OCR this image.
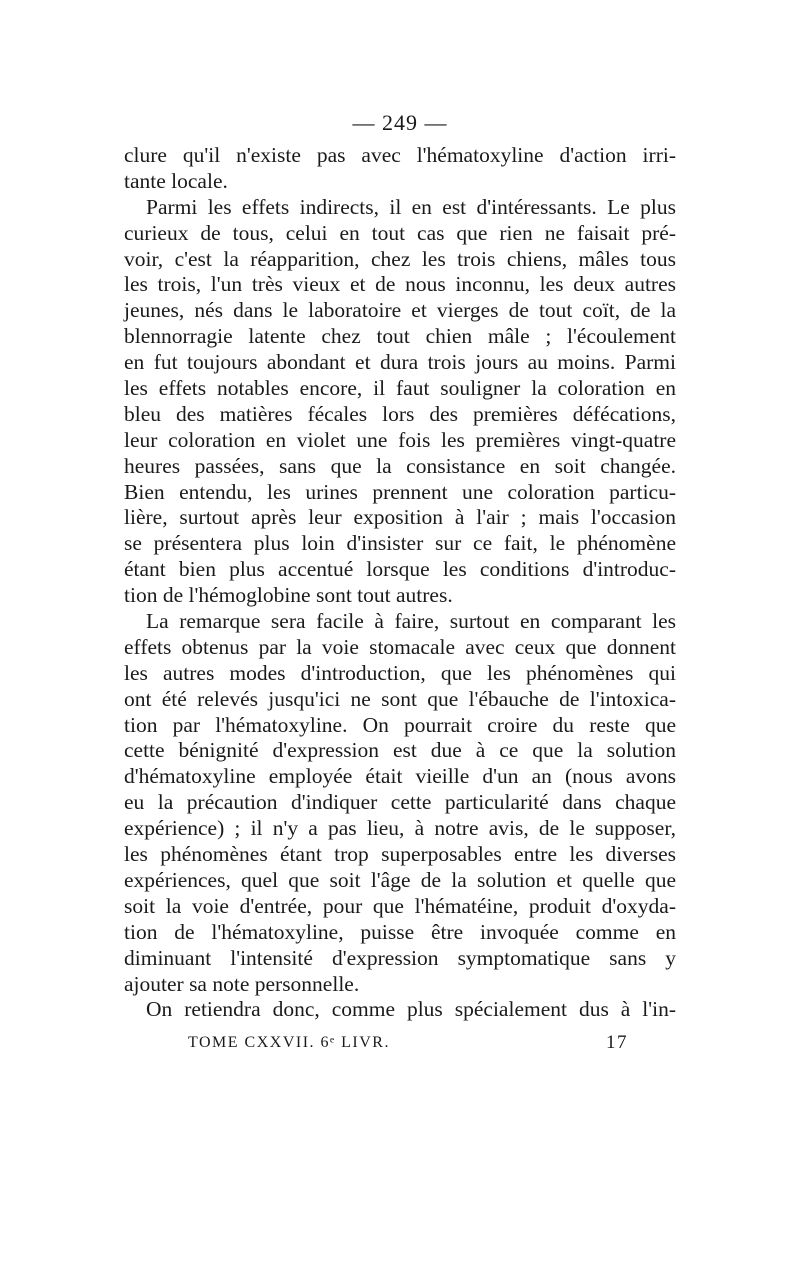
— 249 —
clure qu'il n'existe pas avec l'hématoxyline d'action irri-
tante locale.
Parmi les effets indirects, il en est d'intéressants. Le plus
curieux de tous, celui en tout cas que rien ne faisait pré-
voir, c'est la réapparition, chez les trois chiens, mâles tous
les trois, l'un très vieux et de nous inconnu, les deux autres
jeunes, nés dans le laboratoire et vierges de tout coït, de la
blennorragie latente chez tout chien mâle ; l'écoulement
en fut toujours abondant et dura trois jours au moins. Parmi
les effets notables encore, il faut souligner la coloration en
bleu des matières fécales lors des premières défécations,
leur coloration en violet une fois les premières vingt-quatre
heures passées, sans que la consistance en soit changée.
Bien entendu, les urines prennent une coloration particu-
lière, surtout après leur exposition à l'air ; mais l'occasion
se présentera plus loin d'insister sur ce fait, le phénomène
étant bien plus accentué lorsque les conditions d'introduc-
tion de l'hémoglobine sont tout autres.
La remarque sera facile à faire, surtout en comparant les
effets obtenus par la voie stomacale avec ceux que donnent
les autres modes d'introduction, que les phénomènes qui
ont été relevés jusqu'ici ne sont que l'ébauche de l'intoxica-
tion par l'hématoxyline. On pourrait croire du reste que
cette bénignité d'expression est due à ce que la solution
d'hématoxyline employée était vieille d'un an (nous avons
eu la précaution d'indiquer cette particularité dans chaque
expérience) ; il n'y a pas lieu, à notre avis, de le supposer,
les phénomènes étant trop superposables entre les diverses
expériences, quel que soit l'âge de la solution et quelle que
soit la voie d'entrée, pour que l'hématéine, produit d'oxyda-
tion de l'hématoxyline, puisse être invoquée comme en
diminuant l'intensité d'expression symptomatique sans y
ajouter sa note personnelle.
On retiendra donc, comme plus spécialement dus à l'in-
TOME CXXVII. 6ᵉ LIVR.	17
